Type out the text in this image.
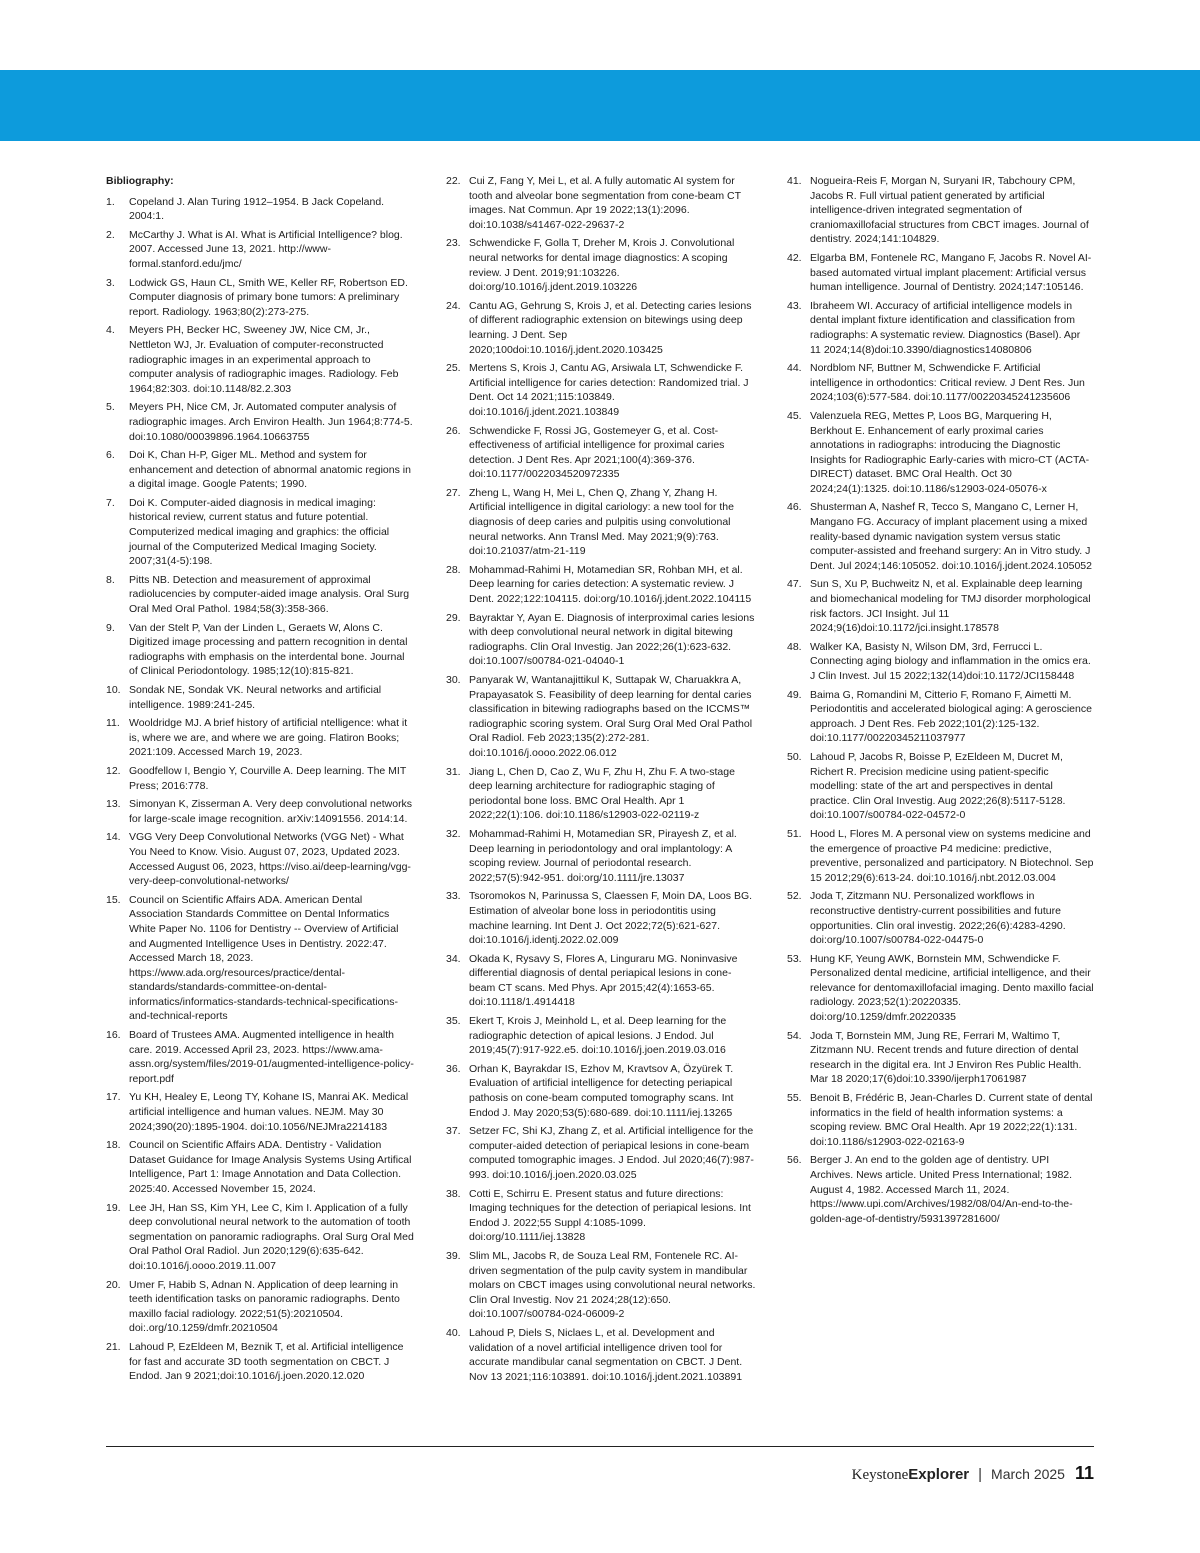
Bibliography:
1.	Copeland J. Alan Turing 1912–1954. B Jack Copeland. 2004:1.
2.	McCarthy J. What is AI. What is Artificial Intelligence? blog. 2007. Accessed June 13, 2021. http://www-formal.stanford.edu/jmc/
3.	Lodwick GS, Haun CL, Smith WE, Keller RF, Robertson ED. Computer diagnosis of primary bone tumors: A preliminary report. Radiology. 1963;80(2):273-275.
4.	Meyers PH, Becker HC, Sweeney JW, Nice CM, Jr., Nettleton WJ, Jr. Evaluation of computer-reconstructed radiographic images in an experimental approach to computer analysis of radiographic images. Radiology. Feb 1964;82:303. doi:10.1148/82.2.303
5.	Meyers PH, Nice CM, Jr. Automated computer analysis of radiographic images. Arch Environ Health. Jun 1964;8:774-5. doi:10.1080/00039896.1964.10663755
6.	Doi K, Chan H-P, Giger ML. Method and system for enhancement and detection of abnormal anatomic regions in a digital image. Google Patents; 1990.
7.	Doi K. Computer-aided diagnosis in medical imaging: historical review, current status and future potential. Computerized medical imaging and graphics: the official journal of the Computerized Medical Imaging Society. 2007;31(4-5):198.
8.	Pitts NB. Detection and measurement of approximal radiolucencies by computer-aided image analysis. Oral Surg Oral Med Oral Pathol. 1984;58(3):358-366.
9.	Van der Stelt P, Van der Linden L, Geraets W, Alons C. Digitized image processing and pattern recognition in dental radiographs with emphasis on the interdental bone. Journal of Clinical Periodontology. 1985;12(10):815-821.
10. Sondak NE, Sondak VK. Neural networks and artificial intelligence. 1989:241-245.
11. Wooldridge MJ. A brief history of artificial ntelligence: what it is, where we are, and where we are going. Flatiron Books; 2021:109. Accessed March 19, 2023.
12. Goodfellow I, Bengio Y, Courville A. Deep learning. The MIT Press; 2016:778.
13. Simonyan K, Zisserman A. Very deep convolutional networks for large-scale image recognition. arXiv:14091556. 2014:14.
14. VGG Very Deep Convolutional Networks (VGG Net) - What You Need to Know. Visio. August 07, 2023, Updated 2023. Accessed August 06, 2023, https://viso.ai/deep-learning/vgg-very-deep-convolutional-networks/
15. Council on Scientific Affairs ADA. American Dental Association Standards Committee on Dental Informatics White Paper No. 1106 for Dentistry -- Overview of Artificial and Augmented Intelligence Uses in Dentistry. 2022:47. Accessed March 18, 2023. https://www.ada.org/resources/practice/dental-standards/standards-committee-on-dental-informatics/informatics-standards-technical-specifications-and-technical-reports
16. Board of Trustees AMA. Augmented intelligence in health care. 2019. Accessed April 23, 2023. https://www.ama-assn.org/system/files/2019-01/augmented-intelligence-policy-report.pdf
17. Yu KH, Healey E, Leong TY, Kohane IS, Manrai AK. Medical artificial intelligence and human values. NEJM. May 30 2024;390(20):1895-1904. doi:10.1056/NEJMra2214183
18. Council on Scientific Affairs ADA. Dentistry - Validation Dataset Guidance for Image Analysis Systems Using Artifical Intelligence, Part 1: Image Annotation and Data Collection. 2025:40. Accessed November 15, 2024.
19. Lee JH, Han SS, Kim YH, Lee C, Kim I. Application of a fully deep convolutional neural network to the automation of tooth segmentation on panoramic radiographs. Oral Surg Oral Med Oral Pathol Oral Radiol. Jun 2020;129(6):635-642. doi:10.1016/j.oooo.2019.11.007
20. Umer F, Habib S, Adnan N. Application of deep learning in teeth identification tasks on panoramic radiographs. Dento maxillo facial radiology. 2022;51(5):20210504. doi:.org/10.1259/dmfr.20210504
21. Lahoud P, EzEldeen M, Beznik T, et al. Artificial intelligence for fast and accurate 3D tooth segmentation on CBCT. J Endod. Jan 9 2021;doi:10.1016/j.joen.2020.12.020
22. Cui Z, Fang Y, Mei L, et al. A fully automatic AI system for tooth and alveolar bone segmentation from cone-beam CT images. Nat Commun. Apr 19 2022;13(1):2096. doi:10.1038/s41467-022-29637-2
23. Schwendicke F, Golla T, Dreher M, Krois J. Convolutional neural networks for dental image diagnostics: A scoping review. J Dent. 2019;91:103226. doi:org/10.1016/j.jdent.2019.103226
24. Cantu AG, Gehrung S, Krois J, et al. Detecting caries lesions of different radiographic extension on bitewings using deep learning. J Dent. Sep 2020;100doi:10.1016/j.jdent.2020.103425
25. Mertens S, Krois J, Cantu AG, Arsiwala LT, Schwendicke F. Artificial intelligence for caries detection: Randomized trial. J Dent. Oct 14 2021;115:103849. doi:10.1016/j.jdent.2021.103849
26. Schwendicke F, Rossi JG, Gostemeyer G, et al. Cost-effectiveness of artificial intelligence for proximal caries detection. J Dent Res. Apr 2021;100(4):369-376. doi:10.1177/0022034520972335
27. Zheng L, Wang H, Mei L, Chen Q, Zhang Y, Zhang H. Artificial intelligence in digital cariology: a new tool for the diagnosis of deep caries and pulpitis using convolutional neural networks. Ann Transl Med. May 2021;9(9):763. doi:10.21037/atm-21-119
28. Mohammad-Rahimi H, Motamedian SR, Rohban MH, et al. Deep learning for caries detection: A systematic review. J Dent. 2022;122:104115. doi:org/10.1016/j.jdent.2022.104115
29. Bayraktar Y, Ayan E. Diagnosis of interproximal caries lesions with deep convolutional neural network in digital bitewing radiographs. Clin Oral Investig. Jan 2022;26(1):623-632. doi:10.1007/s00784-021-04040-1
30. Panyarak W, Wantanajittikul K, Suttapak W, Charuakkra A, Prapayasatok S. Feasibility of deep learning for dental caries classification in bitewing radiographs based on the ICCMS™ radiographic scoring system. Oral Surg Oral Med Oral Pathol Oral Radiol. Feb 2023;135(2):272-281. doi:10.1016/j.oooo.2022.06.012
31. Jiang L, Chen D, Cao Z, Wu F, Zhu H, Zhu F. A two-stage deep learning architecture for radiographic staging of periodontal bone loss. BMC Oral Health. Apr 1 2022;22(1):106. doi:10.1186/s12903-022-02119-z
32. Mohammad-Rahimi H, Motamedian SR, Pirayesh Z, et al. Deep learning in periodontology and oral implantology: A scoping review. Journal of periodontal research. 2022;57(5):942-951. doi:org/10.1111/jre.13037
33. Tsoromokos N, Parinussa S, Claessen F, Moin DA, Loos BG. Estimation of alveolar bone loss in periodontitis using machine learning. Int Dent J. Oct 2022;72(5):621-627. doi:10.1016/j.identj.2022.02.009
34. Okada K, Rysavy S, Flores A, Linguraru MG. Noninvasive differential diagnosis of dental periapical lesions in cone-beam CT scans. Med Phys. Apr 2015;42(4):1653-65. doi:10.1118/1.4914418
35. Ekert T, Krois J, Meinhold L, et al. Deep learning for the radiographic detection of apical lesions. J Endod. Jul 2019;45(7):917-922.e5. doi:10.1016/j.joen.2019.03.016
36. Orhan K, Bayrakdar IS, Ezhov M, Kravtsov A, Özyürek T. Evaluation of artificial intelligence for detecting periapical pathosis on cone-beam computed tomography scans. Int Endod J. May 2020;53(5):680-689. doi:10.1111/iej.13265
37. Setzer FC, Shi KJ, Zhang Z, et al. Artificial intelligence for the computer-aided detection of periapical lesions in cone-beam computed tomographic images. J Endod. Jul 2020;46(7):987-993. doi:10.1016/j.joen.2020.03.025
38. Cotti E, Schirru E. Present status and future directions: Imaging techniques for the detection of periapical lesions. Int Endod J. 2022;55 Suppl 4:1085-1099. doi:org/10.1111/iej.13828
39. Slim ML, Jacobs R, de Souza Leal RM, Fontenele RC. AI-driven segmentation of the pulp cavity system in mandibular molars on CBCT images using convolutional neural networks. Clin Oral Investig. Nov 21 2024;28(12):650. doi:10.1007/s00784-024-06009-2
40. Lahoud P, Diels S, Niclaes L, et al. Development and validation of a novel artificial intelligence driven tool for accurate mandibular canal segmentation on CBCT. J Dent. Nov 13 2021;116:103891. doi:10.1016/j.jdent.2021.103891
41. Nogueira-Reis F, Morgan N, Suryani IR, Tabchoury CPM, Jacobs R. Full virtual patient generated by artificial intelligence-driven integrated segmentation of craniomaxillofacial structures from CBCT images. Journal of dentistry. 2024;141:104829.
42. Elgarba BM, Fontenele RC, Mangano F, Jacobs R. Novel AI-based automated virtual implant placement: Artificial versus human intelligence. Journal of Dentistry. 2024;147:105146.
43. Ibraheem WI. Accuracy of artificial intelligence models in dental implant fixture identification and classification from radiographs: A systematic review. Diagnostics (Basel). Apr 11 2024;14(8)doi:10.3390/diagnostics14080806
44. Nordblom NF, Buttner M, Schwendicke F. Artificial intelligence in orthodontics: Critical review. J Dent Res. Jun 2024;103(6):577-584. doi:10.1177/00220345241235606
45. Valenzuela REG, Mettes P, Loos BG, Marquering H, Berkhout E. Enhancement of early proximal caries annotations in radiographs: introducing the Diagnostic Insights for Radiographic Early-caries with micro-CT (ACTA-DIRECT) dataset. BMC Oral Health. Oct 30 2024;24(1):1325. doi:10.1186/s12903-024-05076-x
46. Shusterman A, Nashef R, Tecco S, Mangano C, Lerner H, Mangano FG. Accuracy of implant placement using a mixed reality-based dynamic navigation system versus static computer-assisted and freehand surgery: An in Vitro study. J Dent. Jul 2024;146:105052. doi:10.1016/j.jdent.2024.105052
47. Sun S, Xu P, Buchweitz N, et al. Explainable deep learning and biomechanical modeling for TMJ disorder morphological risk factors. JCI Insight. Jul 11 2024;9(16)doi:10.1172/jci.insight.178578
48. Walker KA, Basisty N, Wilson DM, 3rd, Ferrucci L. Connecting aging biology and inflammation in the omics era. J Clin Invest. Jul 15 2022;132(14)doi:10.1172/JCI158448
49. Baima G, Romandini M, Citterio F, Romano F, Aimetti M. Periodontitis and accelerated biological aging: A geroscience approach. J Dent Res. Feb 2022;101(2):125-132. doi:10.1177/00220345211037977
50. Lahoud P, Jacobs R, Boisse P, EzEldeen M, Ducret M, Richert R. Precision medicine using patient-specific modelling: state of the art and perspectives in dental practice. Clin Oral Investig. Aug 2022;26(8):5117-5128. doi:10.1007/s00784-022-04572-0
51. Hood L, Flores M. A personal view on systems medicine and the emergence of proactive P4 medicine: predictive, preventive, personalized and participatory. N Biotechnol. Sep 15 2012;29(6):613-24. doi:10.1016/j.nbt.2012.03.004
52. Joda T, Zitzmann NU. Personalized workflows in reconstructive dentistry-current possibilities and future opportunities. Clin oral investig. 2022;26(6):4283-4290. doi:org/10.1007/s00784-022-04475-0
53. Hung KF, Yeung AWK, Bornstein MM, Schwendicke F. Personalized dental medicine, artificial intelligence, and their relevance for dentomaxillofacial imaging. Dento maxillo facial radiology. 2023;52(1):20220335. doi:org/10.1259/dmfr.20220335
54. Joda T, Bornstein MM, Jung RE, Ferrari M, Waltimo T, Zitzmann NU. Recent trends and future direction of dental research in the digital era. Int J Environ Res Public Health. Mar 18 2020;17(6)doi:10.3390/ijerph17061987
55. Benoit B, Frédéric B, Jean-Charles D. Current state of dental informatics in the field of health information systems: a scoping review. BMC Oral Health. Apr 19 2022;22(1):131. doi:10.1186/s12903-022-02163-9
56. Berger J. An end to the golden age of dentistry. UPI Archives. News article. United Press International; 1982. August 4, 1982. Accessed March 11, 2024. https://www.upi.com/Archives/1982/08/04/An-end-to-the-golden-age-of-dentistry/5931397281600/
Keystone Explorer | March 2025 11
